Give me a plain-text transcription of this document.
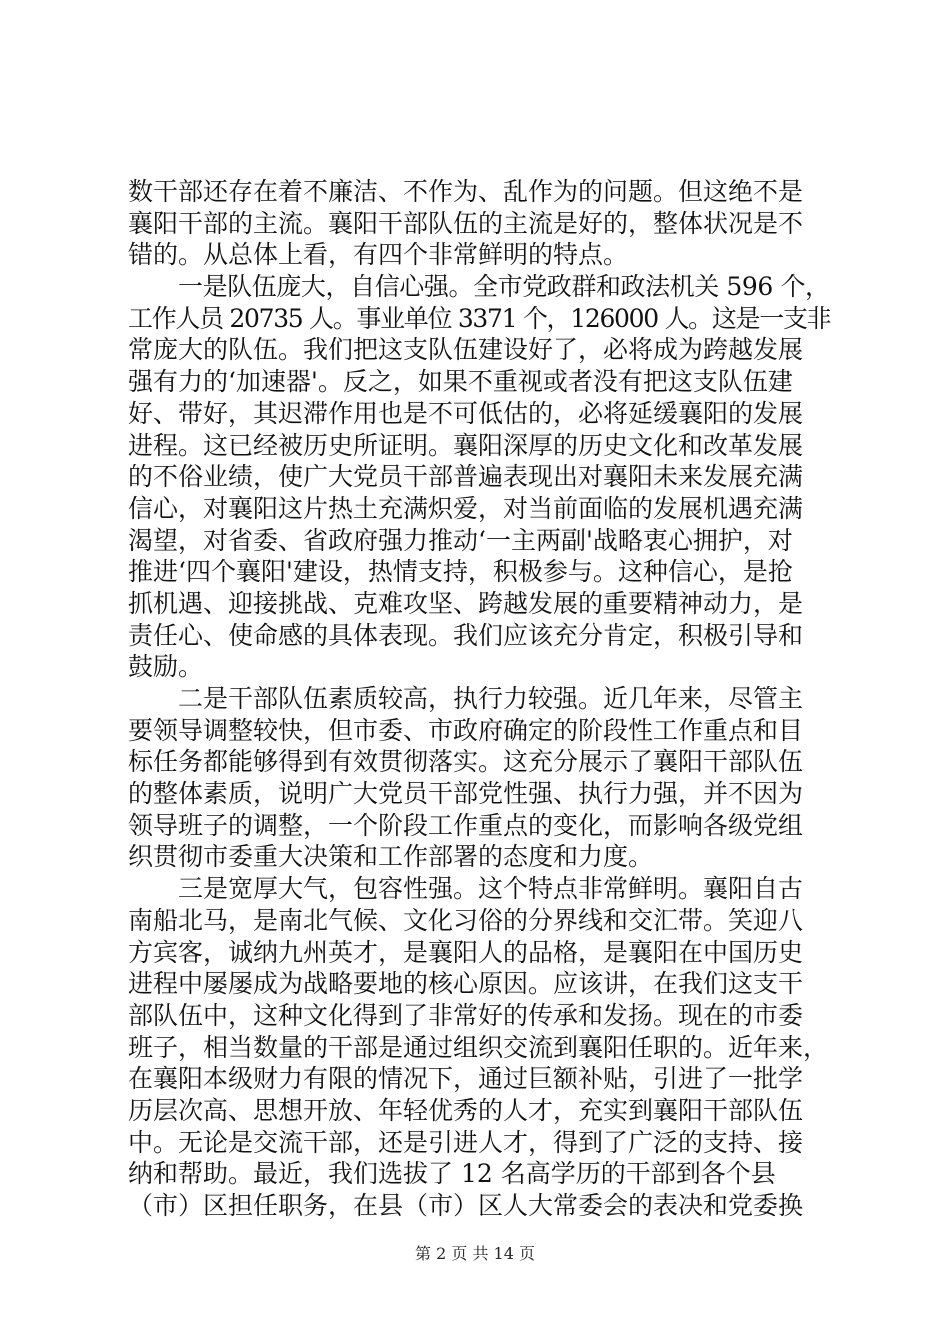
数干部还存在着不廉洁、不作为、乱作为的问题。但这绝不是
襄阳干部的主流。襄阳干部队伍的主流是好的，整体状况是不
错的。从总体上看，有四个非常鲜明的特点。
一是队伍庞大，自信心强。全市党政群和政法机关 596 个，
工作人员 20735 人。事业单位 3371 个，126000 人。这是一支非
常庞大的队伍。我们把这支队伍建设好了，必将成为跨越发展
强有力的‘加速器'。反之，如果不重视或者没有把这支队伍建
好、带好，其迟滞作用也是不可低估的，必将延缓襄阳的发展
进程。这已经被历史所证明。襄阳深厚的历史文化和改革发展
的不俗业绩，使广大党员干部普遍表现出对襄阳未来发展充满
信心，对襄阳这片热土充满炽爱，对当前面临的发展机遇充满
渴望，对省委、省政府强力推动‘一主两副'战略衷心拥护，对
推进‘四个襄阳'建设，热情支持，积极参与。这种信心，是抢
抓机遇、迎接挑战、克难攻坚、跨越发展的重要精神动力，是
责任心、使命感的具体表现。我们应该充分肯定，积极引导和
鼓励。
二是干部队伍素质较高，执行力较强。近几年来，尽管主
要领导调整较快，但市委、市政府确定的阶段性工作重点和目
标任务都能够得到有效贯彻落实。这充分展示了襄阳干部队伍
的整体素质，说明广大党员干部党性强、执行力强，并不因为
领导班子的调整，一个阶段工作重点的变化，而影响各级党组
织贯彻市委重大决策和工作部署的态度和力度。
三是宽厚大气，包容性强。这个特点非常鲜明。襄阳自古
南船北马，是南北气候、文化习俗的分界线和交汇带。笑迎八
方宾客，诚纳九州英才，是襄阳人的品格，是襄阳在中国历史
进程中屡屡成为战略要地的核心原因。应该讲，在我们这支干
部队伍中，这种文化得到了非常好的传承和发扬。现在的市委
班子，相当数量的干部是通过组织交流到襄阳任职的。近年来，
在襄阳本级财力有限的情况下，通过巨额补贴，引进了一批学
历层次高、思想开放、年轻优秀的人才，充实到襄阳干部队伍
中。无论是交流干部，还是引进人才，得到了广泛的支持、接
纳和帮助。最近，我们选拔了 12 名高学历的干部到各个县
（市）区担任职务，在县（市）区人大常委会的表决和党委换
第 2 页 共 14 页
